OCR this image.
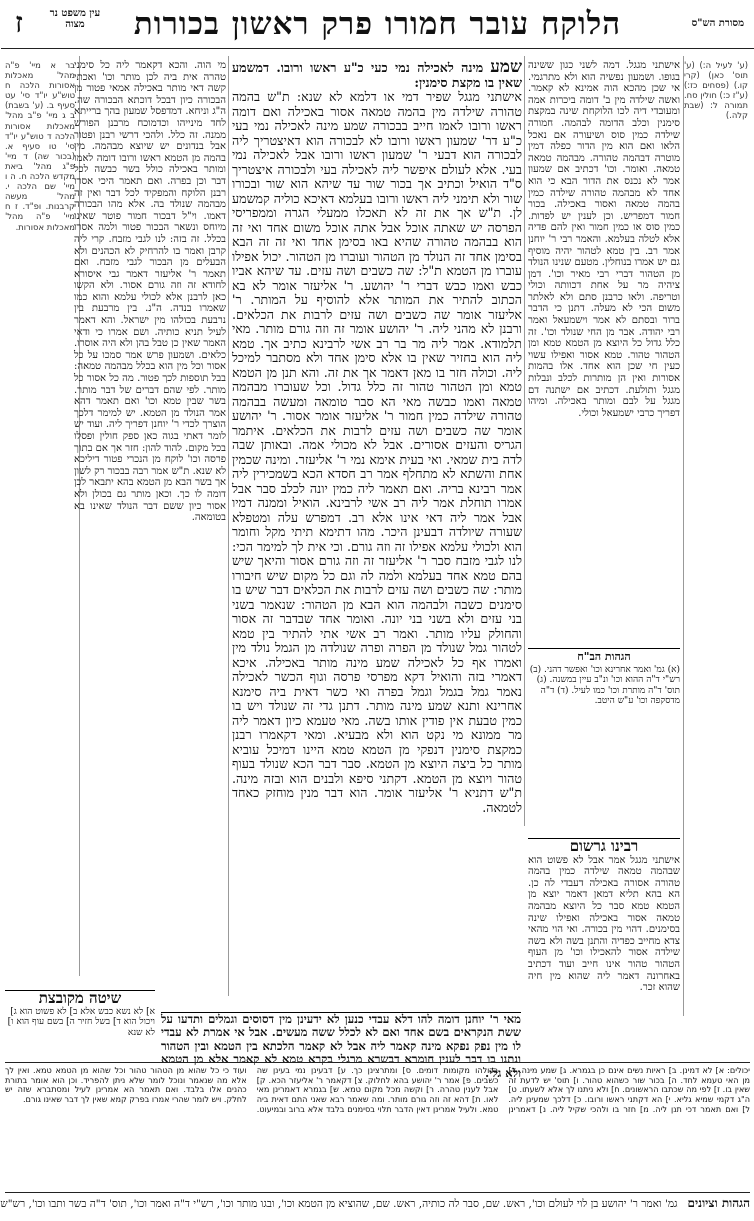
מסורת הש"ס
הלוקח עובר חמורו פרק ראשון בכורות
עין משפט נר מצוה
ז

(ע' לעיל ה:) (ע' תוס' כאן) (קרי קו.) (פסחים כז:) (ע"ז כ:) חולין סח. תמורה ל: (שבת קלה.)

אישתני מגגל. דמה לשני כגון ששינה בגופו. ושמעון נפשיה הוא ולא מתרגמי. אי שכן מהכא הוה אמינא לא קאמר. ואשה שילדה מין ב' דומה ביכרות אמה ומעובדי דיה לכו הלוקחת שינה במקצת סימנין וכלב הדומה לבהמה. חמורה שילדה כמין סוס ושיעורה אם נאכל הלאו ואם הוא מין הדור כפלה דמין מוטרה דבהמה טהורה. מבהמה טמאה טמאה. ואומר. וכו' דכתיב אם שמעון אמר לא נכנס את הדור הבא כי הוא אחד לא מבהמה טהורה שילדה כמין בהמה טמאה ואסור באכילה. בכור חמור דמפריש. וכן לענין יש לפדות. כמין סוס או כמין חמור ואין להם פדיה אלא לטלה בעלמא. והאמר רבי ר' יוחנן אמר רב. בין טמא לטהור יהיה מוסיף גם יש אמרו בנוחלין. מטעם שנינו הנולד מן הטהור דברי רבי מאיר וכו'. דמן ציהיה מר על אחת דכוותה וכולי וטריפה. ולאו כרבנן סתם ולא לאלתר משום הכי לא מעלה. דתנן כי הדבר ברור ובסתם לא אמר וישמעאל ואמר רבי יהודה. אבר מן החי שנולד וכו'. זה כלל גדול כל היוצא מן הטמא טמא ומן הטהור טהור. טמא אסור ואפילו עשוי כעין חי שכן הוא אחד. אלו בהמות אסורות ואין הן מותרות לכלב ונבלות מגגל ותולעת. דכתיב אם ישתנה דם מגגל על לבם ומותר באכילה. ומיהו דפריך כרבי ישמעאל וכולי.

הגהות הב"ח

(א) גמ' ואמר אחרינא וכו' ואפשר דהני. (ב) רש"י ד"ה ההוא וכו' ונ"ב עיין במשנה. (ג) תוס' ד"ה מותרת וכו' כמו לעיל. (ד) ד"ה מדסקפה וכו' ע"ש היטב.

רבינו גרשום

אישתני מגגל אמר אבל לא פשוט הוא שבהמה טמאה שילדה כמין בהמה טהורה אסורה באכילה דעבדי לה כן. הא בהא תליא דמאן דאמר יוצא מן הטמא טמא סבר כל היוצא מבהמה טמאה אסור באכילה ואפילו שינה בסימנים. דהוי מין בכורה. ואי הוי מהאי צדא מחייב כפדיה והתנן בשה ולא בשה שילדה אסור להאכילו וכו' מן העוף הטהור טהור אינו חייב ועוד דכתיב באחרונה דאמר ליה שהוא מין חיה שהוא זכר.

שמע מינה לאכילה נמי כעי כ"ע ראשו ורובו. דמשמע שאין בו מקצת סימנין:

אישתני מגגל שפיר דמי או דלמא לא שנא: ת"ש בהמה טהורה שילדה מין בהמה טמאה אסור באכילה ואם דומה ראשו ורובו לאמו חייב בבכורה שמע מינה לאכילה נמי בעי כ"ע דר' שמעון ראשו ורובו לא לבכורה הוא דאיצטריך ליה לבכורה הוא דבעי ר' שמעון ראשו ורובו אבל לאכילה נמי בעי. אלא לעולם איפשר ליה לאכילה בעי ולבכורה איצטריך ס"ד הואיל וכתיב אך בכור שור עד שיהא הוא שור ובכורו שור ולא תימני ליה ראשו ורובו בעלמא דאיכא כוליה קמשמע לן. ת"ש אך את זה לא תאכלו ממעלי הגרה וממפריסי הפרסה יש שאתה אוכל אבל אתה אוכל משום אחד ואי זה הוא בבהמה טהורה שהיא באו בסימן אחד ואי זה זה הבא בסימן אחד זה הנולד מן הטהור ועוברו מן הטהור. יכול אפילו עוברו מן הטמא ת"ל: שה כשבים ושה עזים. עד שיהא אביו כבש ואמו כבש דברי ר' יהושע. ר' אליעזר אומר לא בא הכתוב להתיר את המותר אלא להוסיף על המותר. ר' אליעזר אומר שה כשבים ושה עזים לרבות את הכלאים. ורבנן לא מהני ליה. ר' יהושע אומר זה וזה גורם מותר. מאי תלמודא. אמר ליה מר בר רב אשי לרבינא כתיב אך. טמא ליה הוא בחזיר שאין בו אלא סימן אחד ולא מסתבר למיכל ליה. וכולה חזר בו מאן דאמר אך את זה. והא תנן מן הטמא טמא ומן הטהור טהור זה כלל גדול. וכל שעוברו מבהמה טמאה ואמו כבשה מאי הא סבר טומאה ומעשה בבהמה טהורה שילדה כמין חמור ר' אליעזר אומר אסור. ר' יהושע אומר שה כשבים ושה עזים לרבות את הכלאים. איתמר הגריס והעזים אסורים. אבל לא מכולי אמה. ובאותן שבה לדה בית שמאי. ואי בעית אימא נמי ר' אליעזר. ומינה שכמין אחת והשתא לא מתחלף אמר רב חסדא הכא בשמכירין ליה אמר רבינא בריה. ואם תאמר ליה כמין יונה לכלב סבר אבל אמרו תוחלת אמר ליה רב אשי לרבינא. הואיל וממנה דמיו אבל אמר ליה דאי אינו אלא רב. דמפרש עלה ומטפלא שעורה שיולדה דבעינן היכר. מהו דתימא תיתי מקל וחומר הוא ולכולי עלמא אפילו זה וזה גורם. וכי אית לך למימר הכי: לנו לגבי מזבח סבר ר' אליעזר זה וזה גורם אסור והיאך שיש בהם טמא אחד בעלמא ולמה לה וגם כל מקום שיש חיבורו מותר: שה כשבים ושה עזים לרבות את הכלאים דבר שיש בו סימנים כשבה ולבהמה הוא הבא מן הטהור: שנאמר בשני בני עזים ולא בשני בני יונה. ואומר אחד שבדבר זה אסור והחולק עליו מותר. ואמר רב אשי אתי להתיר בין טמא לטהור גמל שנולד מן הפרה ופרה שנולדה מן הגמל נולד מין ואמרו אף כל לאכילה שמע מינה מותר באכילה. איכא דאמרי בזה והואיל דקא מפרסי פרסה וגוף הכשר לאכילה נאמר גמל בגמל וגמל בפרה ואי כשר דאית ביה סימנא אחרינא ותנא שמע מינה מותר. דתנן גדי זה שנולד ויש בו כמין טבעת אין פודין אותו בשה. מאי טעמא כיון דאמר ליה מר ממונא מי נקט הוא ולא מבעיא. ומאי דקאמרו רבנן כמקצת סימנין דנפקי מן הטמא טמא היינו דמיכל עוביא מותר כל ביצה היוצא מן הטמא. סבר דבר הכא שנולד בעוף טהור ויוצא מן הטמא. דקתני סיפא ולבנים הוא ובזה מינה. ת"ש דתניא ר' אליעזר אומר. הוא דבר מנין מוחזק כאחד לטמאה.

מי הוה. והכא דקאמר ליה כל סימני טהרה אית ביה לכן מותר וכו' ואכתי קשה דאי מותר באכילה אמאי פטור מן הבכורה כיון דבכל דוכתא הבכורה שה. ה"ג וניחא. דמדפסל שמעון בהך ברייתא לחד מינייהו וכדמוכח מרבנן הפורש ממנה. זה כלל. ולהכי דרשי רבנן ופטור אבל בנדונים יש שיוצא מבהמה. מין בהמה מן הטמא ראשו ורובו דומה לאמו ומותר באכילה כולל בשר כבשה לכל דבר וכן בפרה. ואם תאמר היכי אסרו רבנן הלוקח והמפקיד לכל דבר ואין זה מבהמה שנולד בה. אלא מהו הבכורה דאמו. וי"ל דבכור חמור פוטר שאינו מיוחס ונשאר הבכור פטור ולמה אסרו בכלל. זה בזה: לנו לגבי מזבח. קרי ליה קרבן ואמר בו להרחיק לא הכהנים ולא הבעלים מן הבכור לגבי מזבח. ואם תאמר ר' אליעזר דאמר גבי איסורא לחודא זה וזה גורם אסור. ולא הקשו כאן לרבנן אלא לכולי עלמא והוא כמו שאמרו בנדה. ה"נ. בין מרבעת בין נרבעת בכולהו מין ישראל. והא דאמר לעיל תניא כותיה. ושם אמרו כי ודאי האמר שאין כן טבל בהן ולא היה אוסרו. כלאים. ושמעון פרש אמר סמכו על כל אסור וכל מין הוא בכלל מבהמה טמאה: בבל תוספות לכך פטור. מה כל אסור כל מותר. לפי שהם דברים של דבר מותר. בשר שבין טמא וכו' ואם תאמר דהא אמר הנולד מן הטמא. יש למימר דלכך הוצרך לכדי ר' יוחנן דפריך ליה. ועוד יש לומר דאתי בגוה כאן ספק חולין ופסלו בכל מקום. להוד להון: חזר אך אם בתוך פרסה וכו' לוקח מן הנכרי פטור דיליכא לא שנא. ת"ש אמר רבה בבכור רק לשון אך בשר הבא מן הטמא בהא יתבאר לכן דומה לו כך. וכאן מותר גם בכולן ולא אסור כיון ששם דבר הנולד שאינו בא בטומאה.

בר א מיי' פ"ה מהל' מאכלות אסורות הלכה ח טוש"ע יו"ד סי' עט סעיף ב. (ע' בשבת) ב ג מיי' פ"ב מהל' מאכלות אסורות הלכה ד טוש"ע יו"ד סי' טו סעיף א. (בכור שה) ד מיי' פ"ג מהל' ביאת מקדש הלכה ח. ה ו מיי' שם הלכה י. מהל' מעשה קרבנות. ופ"ד. ז ח מיי' פ"ה מהל' מאכלות אסורות.

שיטה מקובצת

א] לא נשא כבש אלא ב] לא פשוט הוא ג] ויכול הוא ד] בשל חזיר ה] בשם עוף הוא ו] לא שנא

מאי ר' יוחנן דומה להו דלא עבדי כנען לא ידעינן מין דסוסים וגמלים ותדעו על ששת הנקראים בשם אחד ואם לא לכלל ששה מעשים. אבל אי אמרת לא עבדי לו מין נפק נפקא מינה קאמר ליה אבל לא קאמר הלכתא בין הטמא ובין הטהור ונתנו בו דבר לענין חומרא דבשרא מרגלי בקרא טמא לא קאמר אלא מן הטמא ולא גלי.

יכולים: א] לא דמינן. ב] ראיות נשים אינם כן בגמרא. ג] שמע מינה. ד] מן האי טעמא לחד. ה] בכור שור כשהוא טהור. ו] תוס' יש לדעת זה שאין בו. ז] לפי מה שכתבו הראשונים. ח] ולא ניתנו לך אלא לשעתו. ט] ה"ג דקמי שמיא גליא. י] הא דקתני ראשו ורובו. כ] דלכך שמעינן ליה. ל] ואם תאמר דכי תנן ליה. מ] חזר בו ולהכי שקיל ליה. נ] דאמרינן בכולהו מקומות דומים. ס] ומתרצינן כך. ע] דבעינן נמי בעינן שה כשבים. פ] אמר ר' יהושע בהא לחלוק. צ] דקאמר ר' אליעזר הכא. ק] אבל לענין טהרה. ר] וקשה מכל מקום טמא. ש] בגמרא דאמרינן מאי לאו. ת] דהא זה וזה גורם מותר. ומה שאמר רבא שאני התם דאית ביה טמא. ולעיל אמרינן דאין הדבר תלוי בסימנים בלבד אלא ברוב ובמיעוט. ועוד כי כל שהוא מן הטהור טהור וכל שהוא מן הטמא טמא. ואין לך אלא מה שנאמר ונוכל לומר שלא ניתן להפריד. וכן הוא אומר בתורת כהנים אלו בלבד. ואם תאמר הא אמרינן לעיל ומסתברא שזה יש לחלק. ויש לומר שהרי אמרו בפרק קמא שאין לך דבר שאינו גורם.

הגהות וציונים   גמ' ואמר ר' יהושע בן לוי לעולם וכו', ראש. שם, סבר לה כותיה, ראש. שם, שהוציא מן הטמא וכו', ובגו מותר וכו', רש"י ד"ה ואמר וכו', תוס' ד"ה בשר ותבו וכו', רש"ש
